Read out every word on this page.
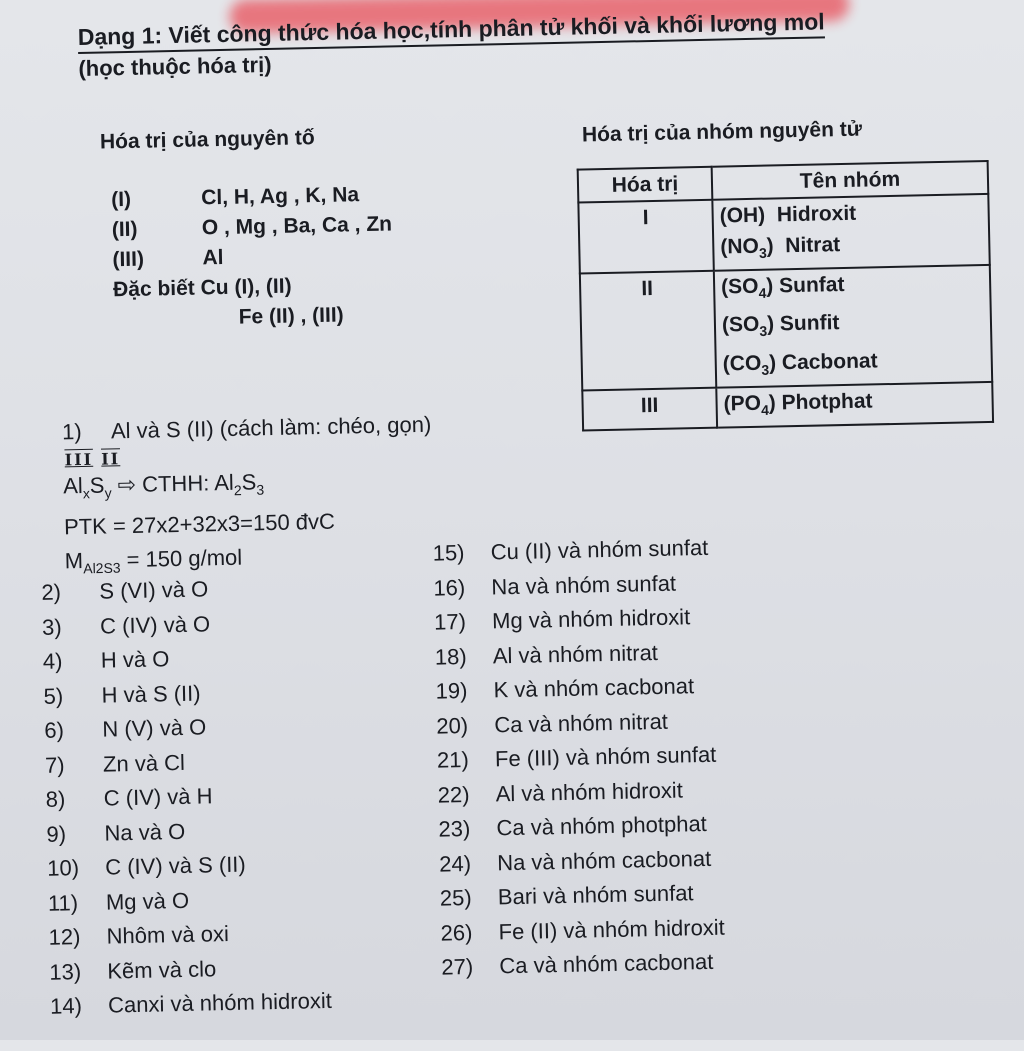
Dạng 1: Viết công thức hóa học,tính phân tử khối và khối lương mol
(học thuộc hóa trị)
Hóa trị của nguyên tố	Hóa trị của nhóm nguyên tử
(I)	Cl, H, Ag , K, Na
(II)	O , Mg , Ba, Ca , Zn
(III)	Al
Đặc biết
Cu (I), (II)
Fe (II) , (III)
Hóa trị	Tên nhóm
I	(OH)  Hidroxit
$(NO_3)$  Nitrat

II	$(SO_4)$ Sunfat
$(SO_3)$ Sunfit
$(CO_3)$ Cacbonat

III	$(PO_4)$ Photphat
1) Al và S (II) (cách làm: chéo, gọn)
III II
$Al_xS_y$ ⇨ CTHH: $Al_2S_3$
PTK = 27x2+32x3=150 đvC
$M_{Al2S3} = 150$ g/mol
2) S (VI) và O
3) C (IV) và O
4) H và O
5) H và S (II)
6) N (V) và O
7) Zn và Cl
8) C (IV) và H
9) Na và O
10) C (IV) và S (II)
11) Mg và O
12) Nhôm và oxi
13) Kẽm và clo
14) Canxi và nhóm hidroxit
15) Cu (II) và nhóm sunfat
16) Na và nhóm sunfat
17) Mg và nhóm hidroxit
18) Al và nhóm nitrat
19) K và nhóm cacbonat
20) Ca và nhóm nitrat
21) Fe (III) và nhóm sunfat
22) Al và nhóm hidroxit
23) Ca và nhóm photphat
24) Na và nhóm cacbonat
25) Bari và nhóm sunfat
26) Fe (II) và nhóm hidroxit
27) Ca và nhóm cacbonat
